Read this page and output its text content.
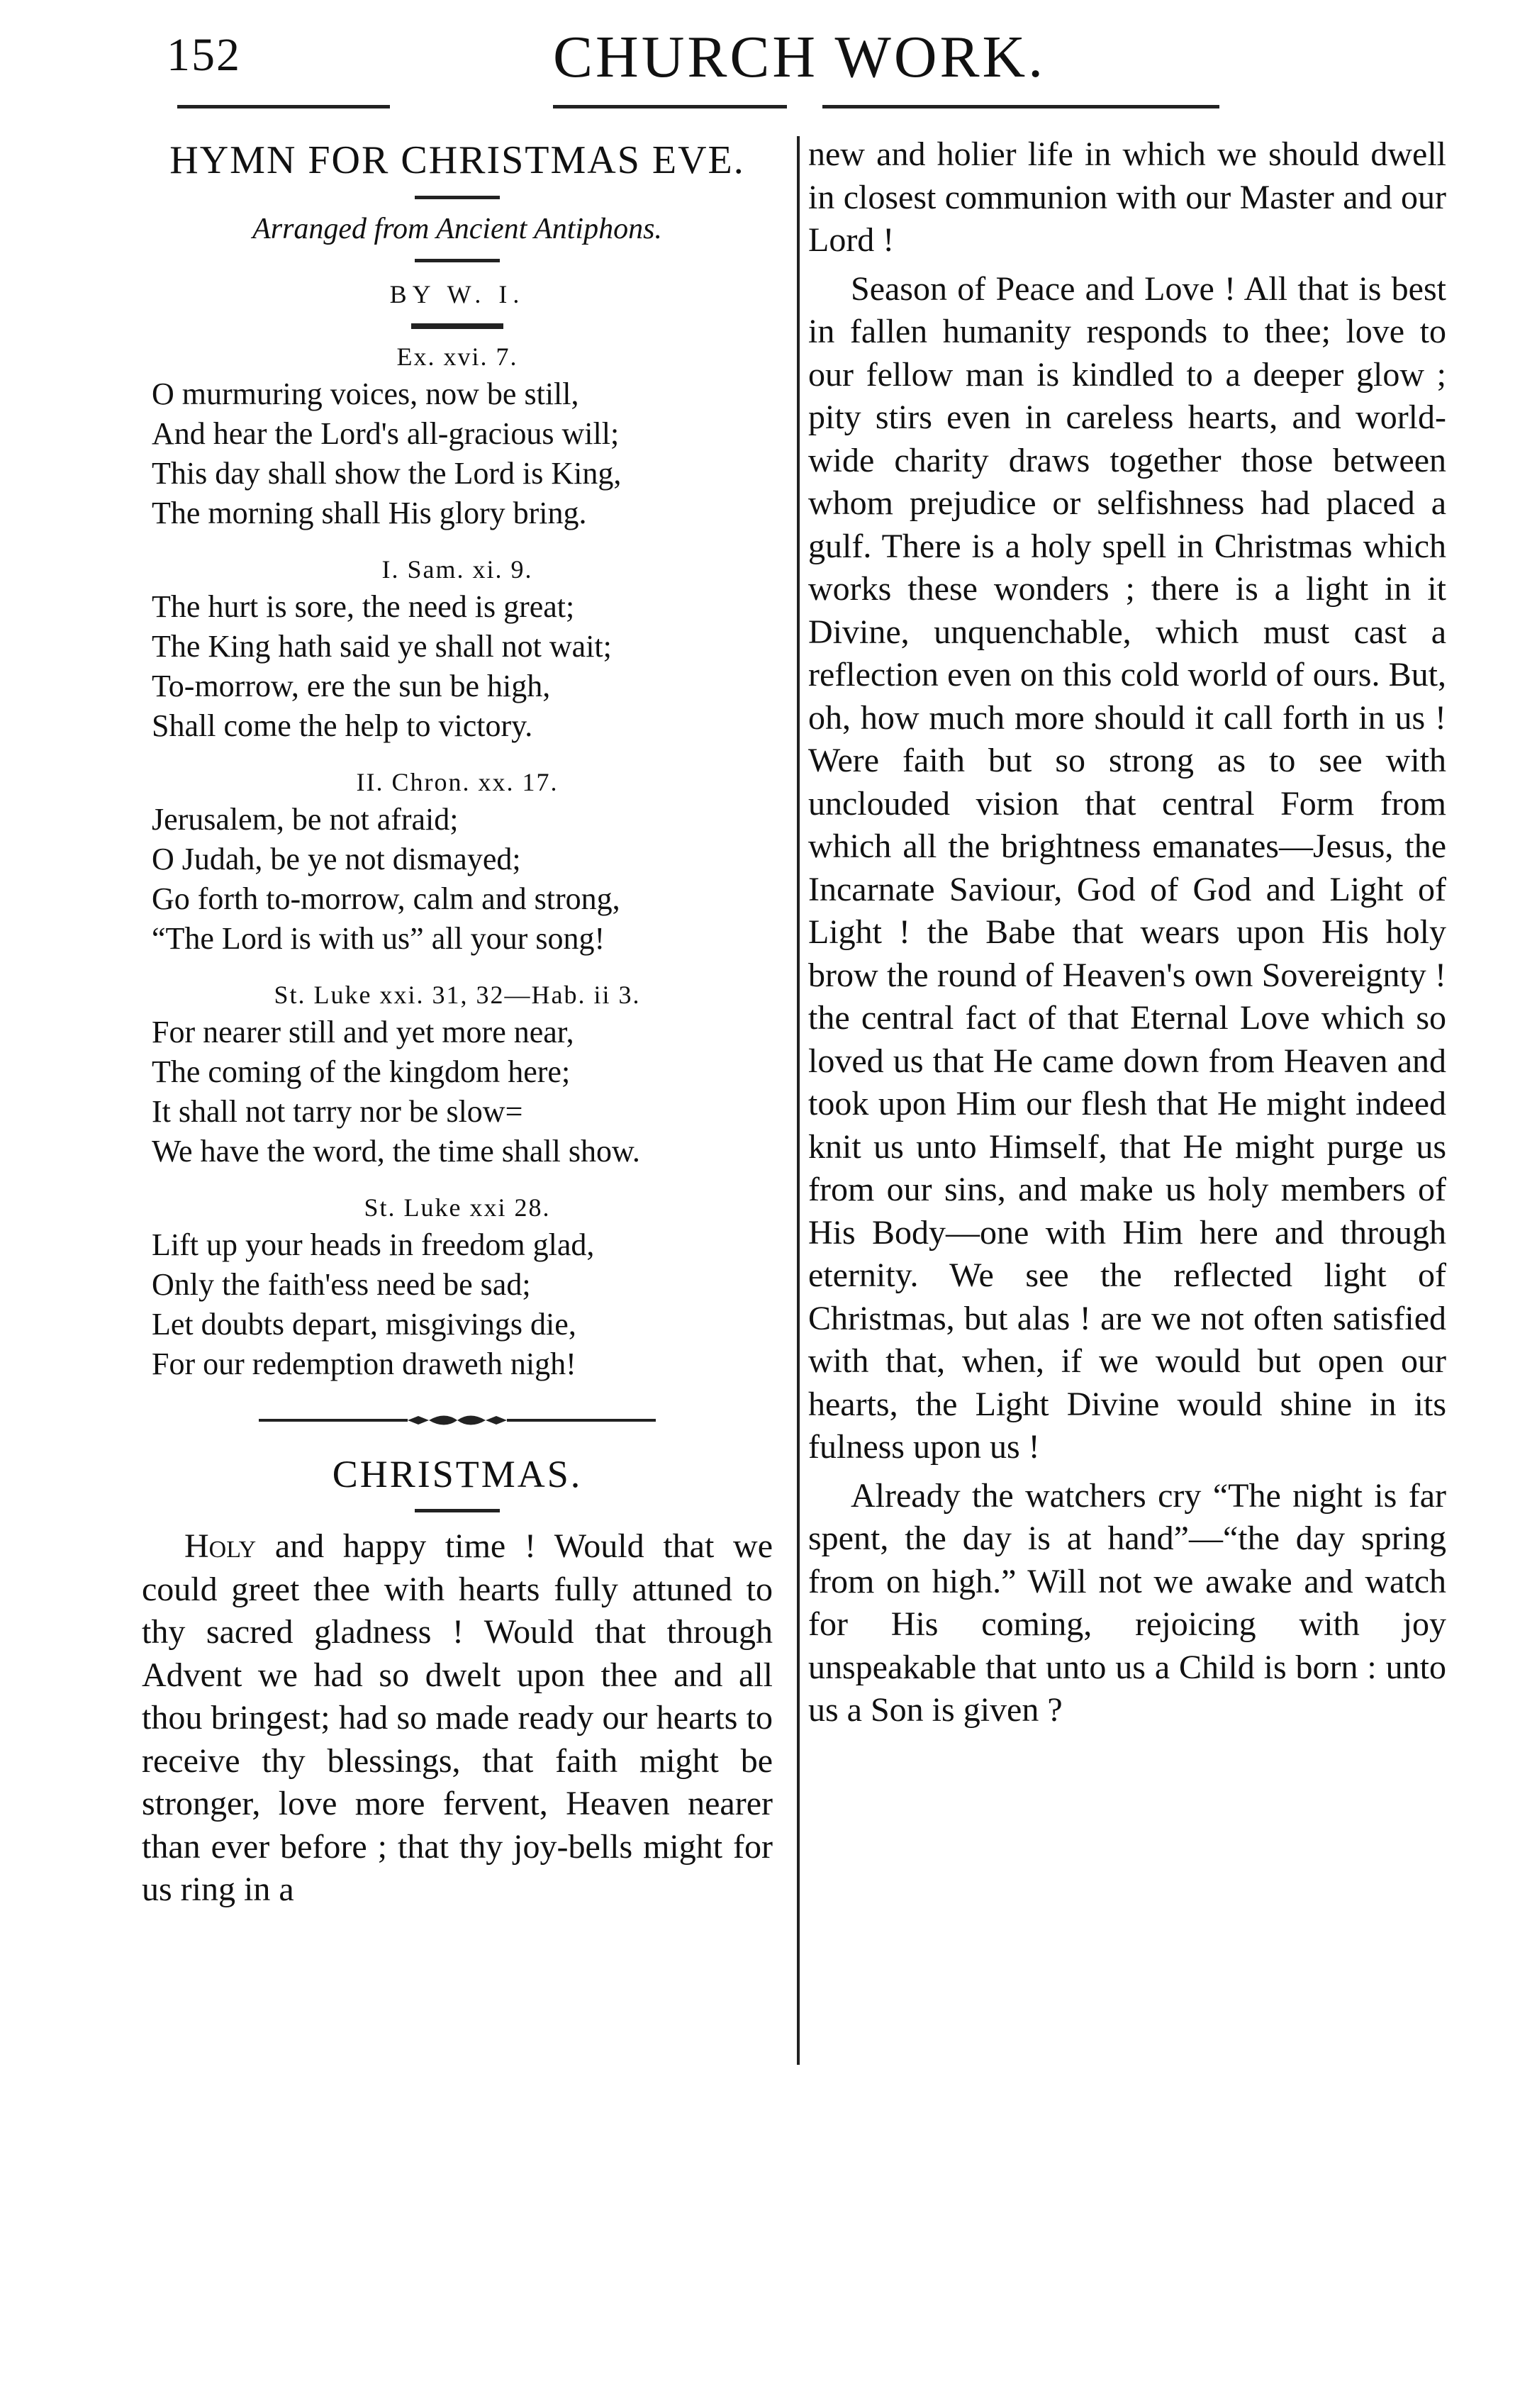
152	CHURCH WORK.
HYMN FOR CHRISTMAS EVE.
Arranged from Ancient Antiphons.
BY W. I.
Ex. xvi. 7.
O murmuring voices, now be still,
And hear the Lord's all-gracious will;
This day shall show the Lord is King,
The morning shall His glory bring.
I. Sam. xi. 9.
The hurt is sore, the need is great;
The King hath said ye shall not wait;
To-morrow, ere the sun be high,
Shall come the help to victory.
II. Chron. xx. 17.
Jerusalem, be not afraid;
O Judah, be ye not dismayed;
Go forth to-morrow, calm and strong,
“The Lord is with us” all your song!
St. Luke xxi. 31, 32—Hab. ii 3.
For nearer still and yet more near,
The coming of the kingdom here;
It shall not tarry nor be slow=
We have the word, the time shall show.
St. Luke xxi 28.
Lift up your heads in freedom glad,
Only the faith'ess need be sad;
Let doubts depart, misgivings die,
For our redemption draweth nigh!
CHRISTMAS.

Holy and happy time ! Would that we could greet thee with hearts fully attuned to thy sacred gladness ! Would that through Advent we had so dwelt upon thee and all thou bringest; had so made ready our hearts to receive thy blessings, that faith might be stronger, love more fervent, Heaven nearer than ever before ; that thy joy-bells might for us ring in a

new and holier life in which we should dwell in closest communion with our Master and our Lord !

Season of Peace and Love ! All that is best in fallen humanity responds to thee; love to our fellow man is kindled to a deeper glow ; pity stirs even in careless hearts, and world-wide charity draws together those between whom prejudice or selfishness had placed a gulf. There is a holy spell in Christmas which works these wonders ; there is a light in it Divine, unquenchable, which must cast a reflection even on this cold world of ours. But, oh, how much more should it call forth in us ! Were faith but so strong as to see with unclouded vision that central Form from which all the brightness emanates—Jesus, the Incarnate Saviour, God of God and Light of Light ! the Babe that wears upon His holy brow the round of Heaven's own Sovereignty ! the central fact of that Eternal Love which so loved us that He came down from Heaven and took upon Him our flesh that He might indeed knit us unto Himself, that He might purge us from our sins, and make us holy members of His Body—one with Him here and through eternity. We see the reflected light of Christmas, but alas ! are we not often satisfied with that, when, if we would but open our hearts, the Light Divine would shine in its fulness upon us !

Already the watchers cry “The night is far spent, the day is at hand”—“the day spring from on high.” Will not we awake and watch for His coming, rejoicing with joy unspeakable that unto us a Child is born : unto us a Son is given ?
